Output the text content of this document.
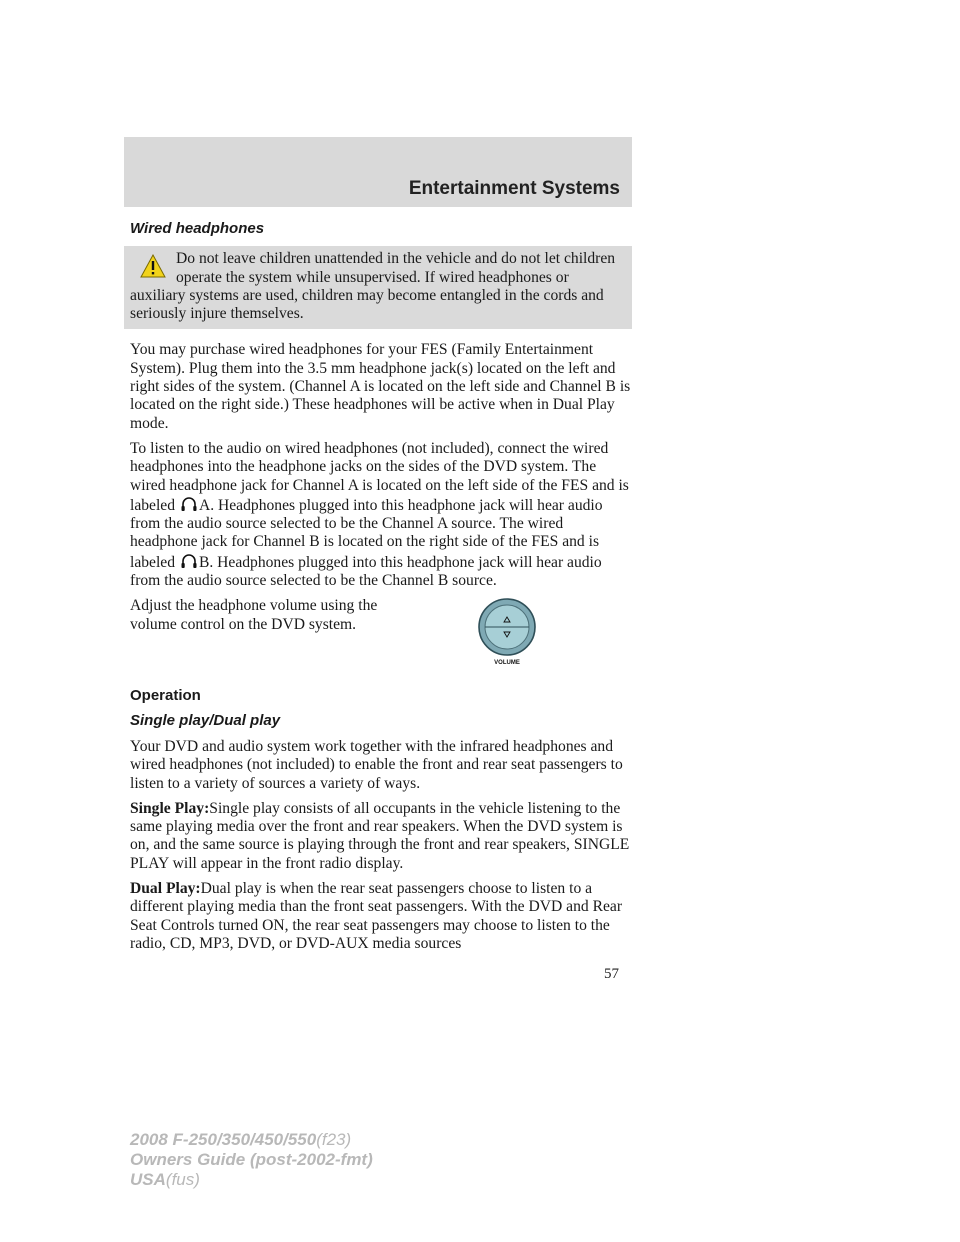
Entertainment Systems
Wired headphones
Do not leave children unattended in the vehicle and do not let children operate the system while unsupervised. If wired headphones or auxiliary systems are used, children may become entangled in the cords and seriously injure themselves.

You may purchase wired headphones for your FES (Family Entertainment System). Plug them into the 3.5 mm headphone jack(s) located on the left and right sides of the system. (Channel A is located on the left side and Channel B is located on the right side.) These headphones will be active when in Dual Play mode.

To listen to the audio on wired headphones (not included), connect the wired headphones into the headphone jacks on the sides of the DVD system. The wired headphone jack for Channel A is located on the left side of the FES and is labeled A. Headphones plugged into this headphone jack will hear audio from the audio source selected to be the Channel A source. The wired headphone jack for Channel B is located on the right side of the FES and is labeled B. Headphones plugged into this headphone jack will hear audio from the audio source selected to be the Channel B source.

Adjust the headphone volume using the volume control on the DVD system.

VOLUME
Operation
Single play/Dual play

Your DVD and audio system work together with the infrared headphones and wired headphones (not included) to enable the front and rear seat passengers to listen to a variety of sources a variety of ways.

Single Play:Single play consists of all occupants in the vehicle listening to the same playing media over the front and rear speakers. When the DVD system is on, and the same source is playing through the front and rear speakers, SINGLE PLAY will appear in the front radio display.

Dual Play:Dual play is when the rear seat passengers choose to listen to a different playing media than the front seat passengers. With the DVD and Rear Seat Controls turned ON, the rear seat passengers may choose to listen to the radio, CD, MP3, DVD, or DVD-AUX media sources

57
2008 F-250/350/450/550(f23)
Owners Guide (post-2002-fmt)
USA(fus)
